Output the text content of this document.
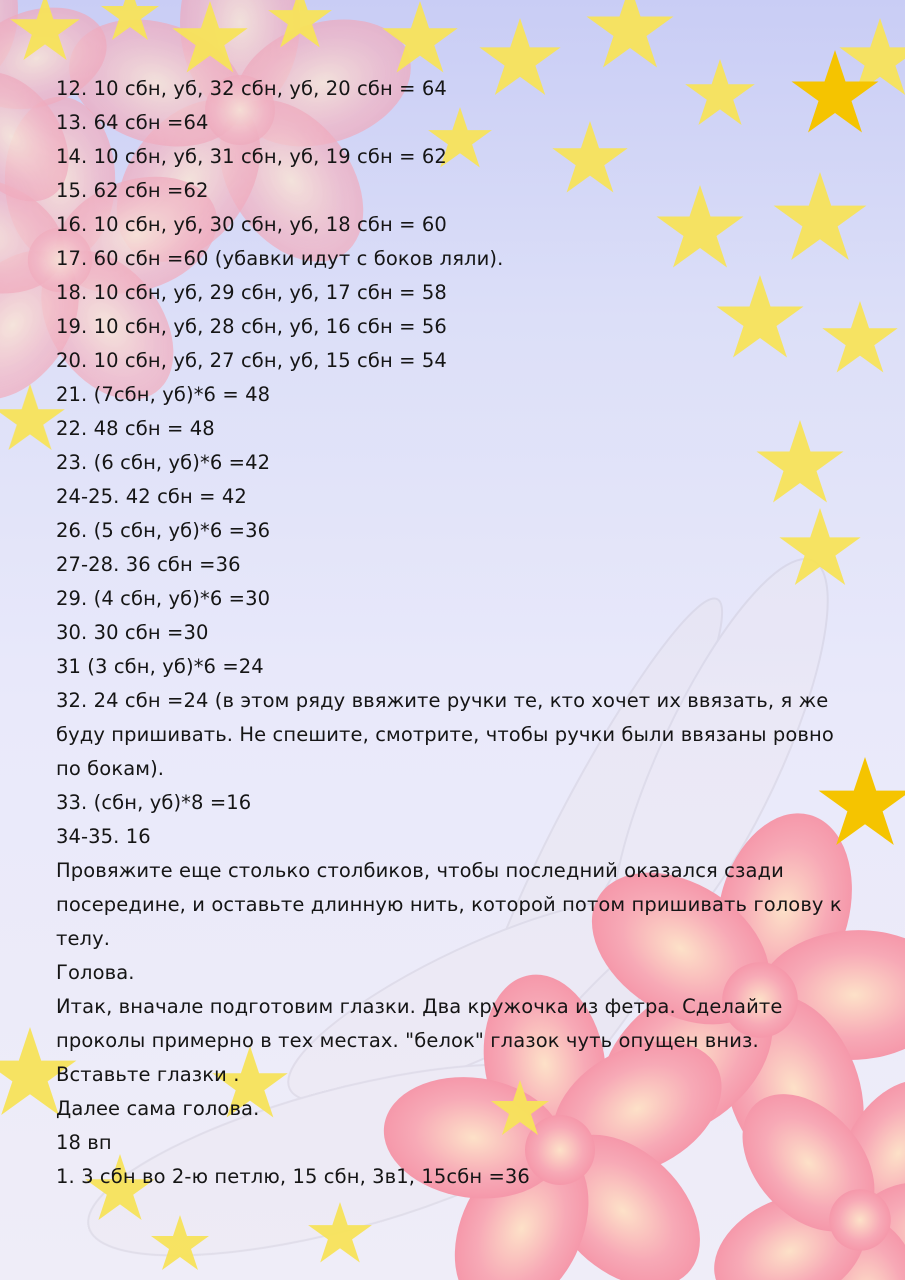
12. 10 сбн, уб, 32 сбн, уб, 20 сбн = 64

13. 64 сбн =64

14. 10 сбн, уб, 31 сбн, уб, 19 сбн = 62

15. 62 сбн =62

16. 10 сбн, уб, 30 сбн, уб, 18 сбн = 60

17. 60 сбн =60 (убавки идут с боков ляли).

18. 10 сбн, уб, 29 сбн, уб, 17 сбн = 58

19. 10 сбн, уб, 28 сбн, уб, 16 сбн = 56

20. 10 сбн, уб, 27 сбн, уб, 15 сбн = 54

21. (7сбн, уб)*6 = 48

22. 48 сбн = 48

23. (6 сбн, уб)*6 =42

24-25. 42 сбн = 42

26. (5 сбн, уб)*6 =36

27-28. 36 сбн =36

29. (4 сбн, уб)*6 =30

30. 30 сбн =30

31 (3 сбн, уб)*6 =24

32. 24 сбн =24 (в этом ряду ввяжите ручки те, кто хочет их ввязать, я же буду пришивать. Не спешите, смотрите, чтобы ручки были ввязаны ровно по бокам).

33. (сбн, уб)*8 =16

34-35. 16

Провяжите еще столько столбиков, чтобы последний оказался сзади посередине, и оставьте длинную нить, которой потом пришивать голову к телу.

Голова.

Итак, вначале подготовим глазки. Два кружочка из фетра. Сделайте проколы примерно в тех местах. "белок" глазок чуть опущен вниз. Вставьте глазки .

Далее сама голова.

18 вп

1. 3 сбн во 2-ю петлю, 15 сбн, 3в1, 15сбн =36
